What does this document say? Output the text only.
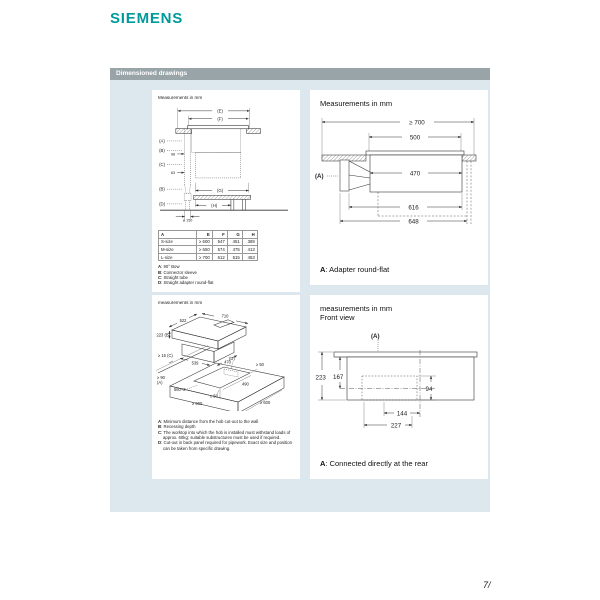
SIEMENS
Dimensioned drawings
Measurements in mm
(E)
(F)
(A)
(B)
98
(C)
63
(B)
(D)
(G)
(H)
ø 150
A	E	F	G	H
S-size	≥ 600	547	451	389
M-size	≥ 650	574	475	413
L-size	≥ 700	612	515	453
A: 90° Bow
B: Connector sleeve
C: Straight tube
D: Straight adapter round-flat
Measurements in mm
≥ 700
500
470
(A)
616
648
A: Adapter round-flat
measurements in mm
522
710
223 (B)
539	470
≥ 16 (C)
(D)
≥ 50
490
560+2
≥ 50
≥ 600
≥ 90
(A)
≥ 600
A: Minimum distance from the hob cut-out to the wall
B: Recessing depth
C: The worktop into which the hob is installed must withstand loads of approx. 60kg; suitable substructures must be used if required.
D: Cut-out in back panel required for pipework. Exact size and position can be taken from specific drawing.
measurements in mm
Front view
(A)
223 167
94
144
227
A: Connected directly at the rear
7/
